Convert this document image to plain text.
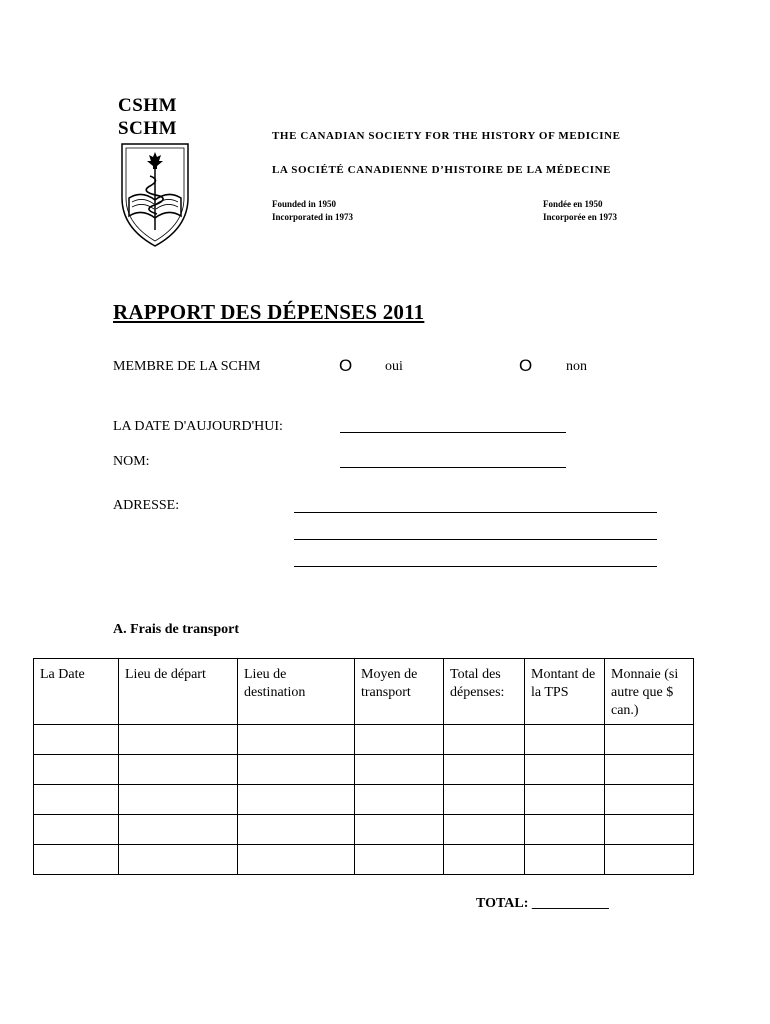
CSHM
SCHM	THE CANADIAN SOCIETY FOR THE HISTORY OF MEDICINE
LA SOCIÉTÉ CANADIENNE D’HISTOIRE DE LA MÉDECINE
Founded in 1950
Incorporated in 1973
Fondée en 1950
Incorporée en 1973
RAPPORT DES DÉPENSES 2011
MEMBRE DE LA SCHM	O oui	O non
LA DATE D'AUJOURD'HUI:
NOM:
ADRESSE:
A. Frais de transport
La Date	Lieu de départ	Lieu de destination	Moyen de transport	Total des dépenses:	Montant de la TPS	Monnaie (si autre que $ can.)

TOTAL: ___________
